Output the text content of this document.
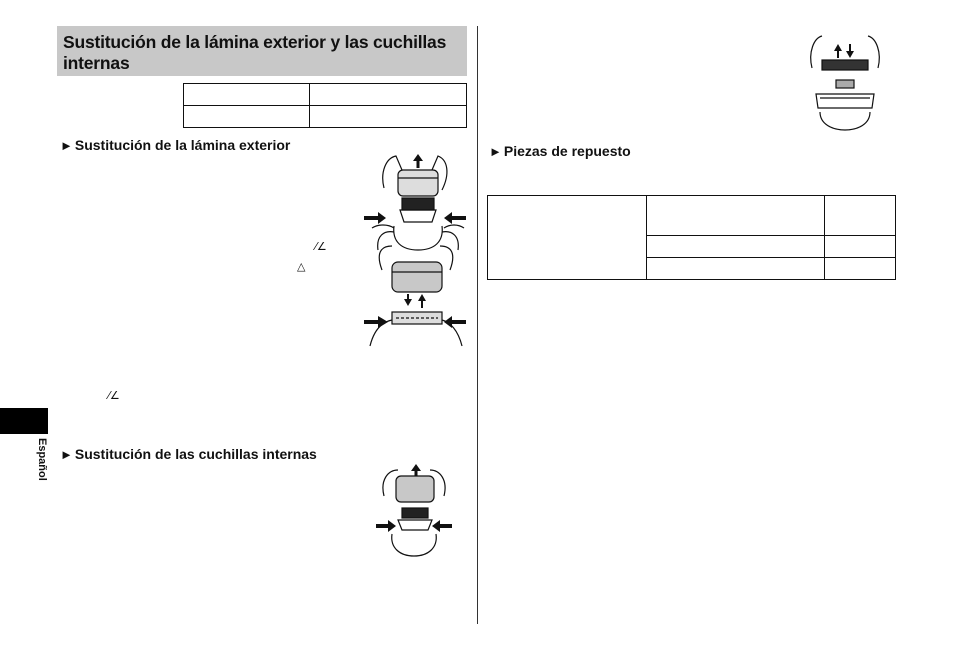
Sustitución de la lámina exterior y las cuchillas internas

► Sustitución de la lámina exterior
⁄∠
△
⁄∠
► Sustitución de las cuchillas internas
► Piezas de repuesto

Español
